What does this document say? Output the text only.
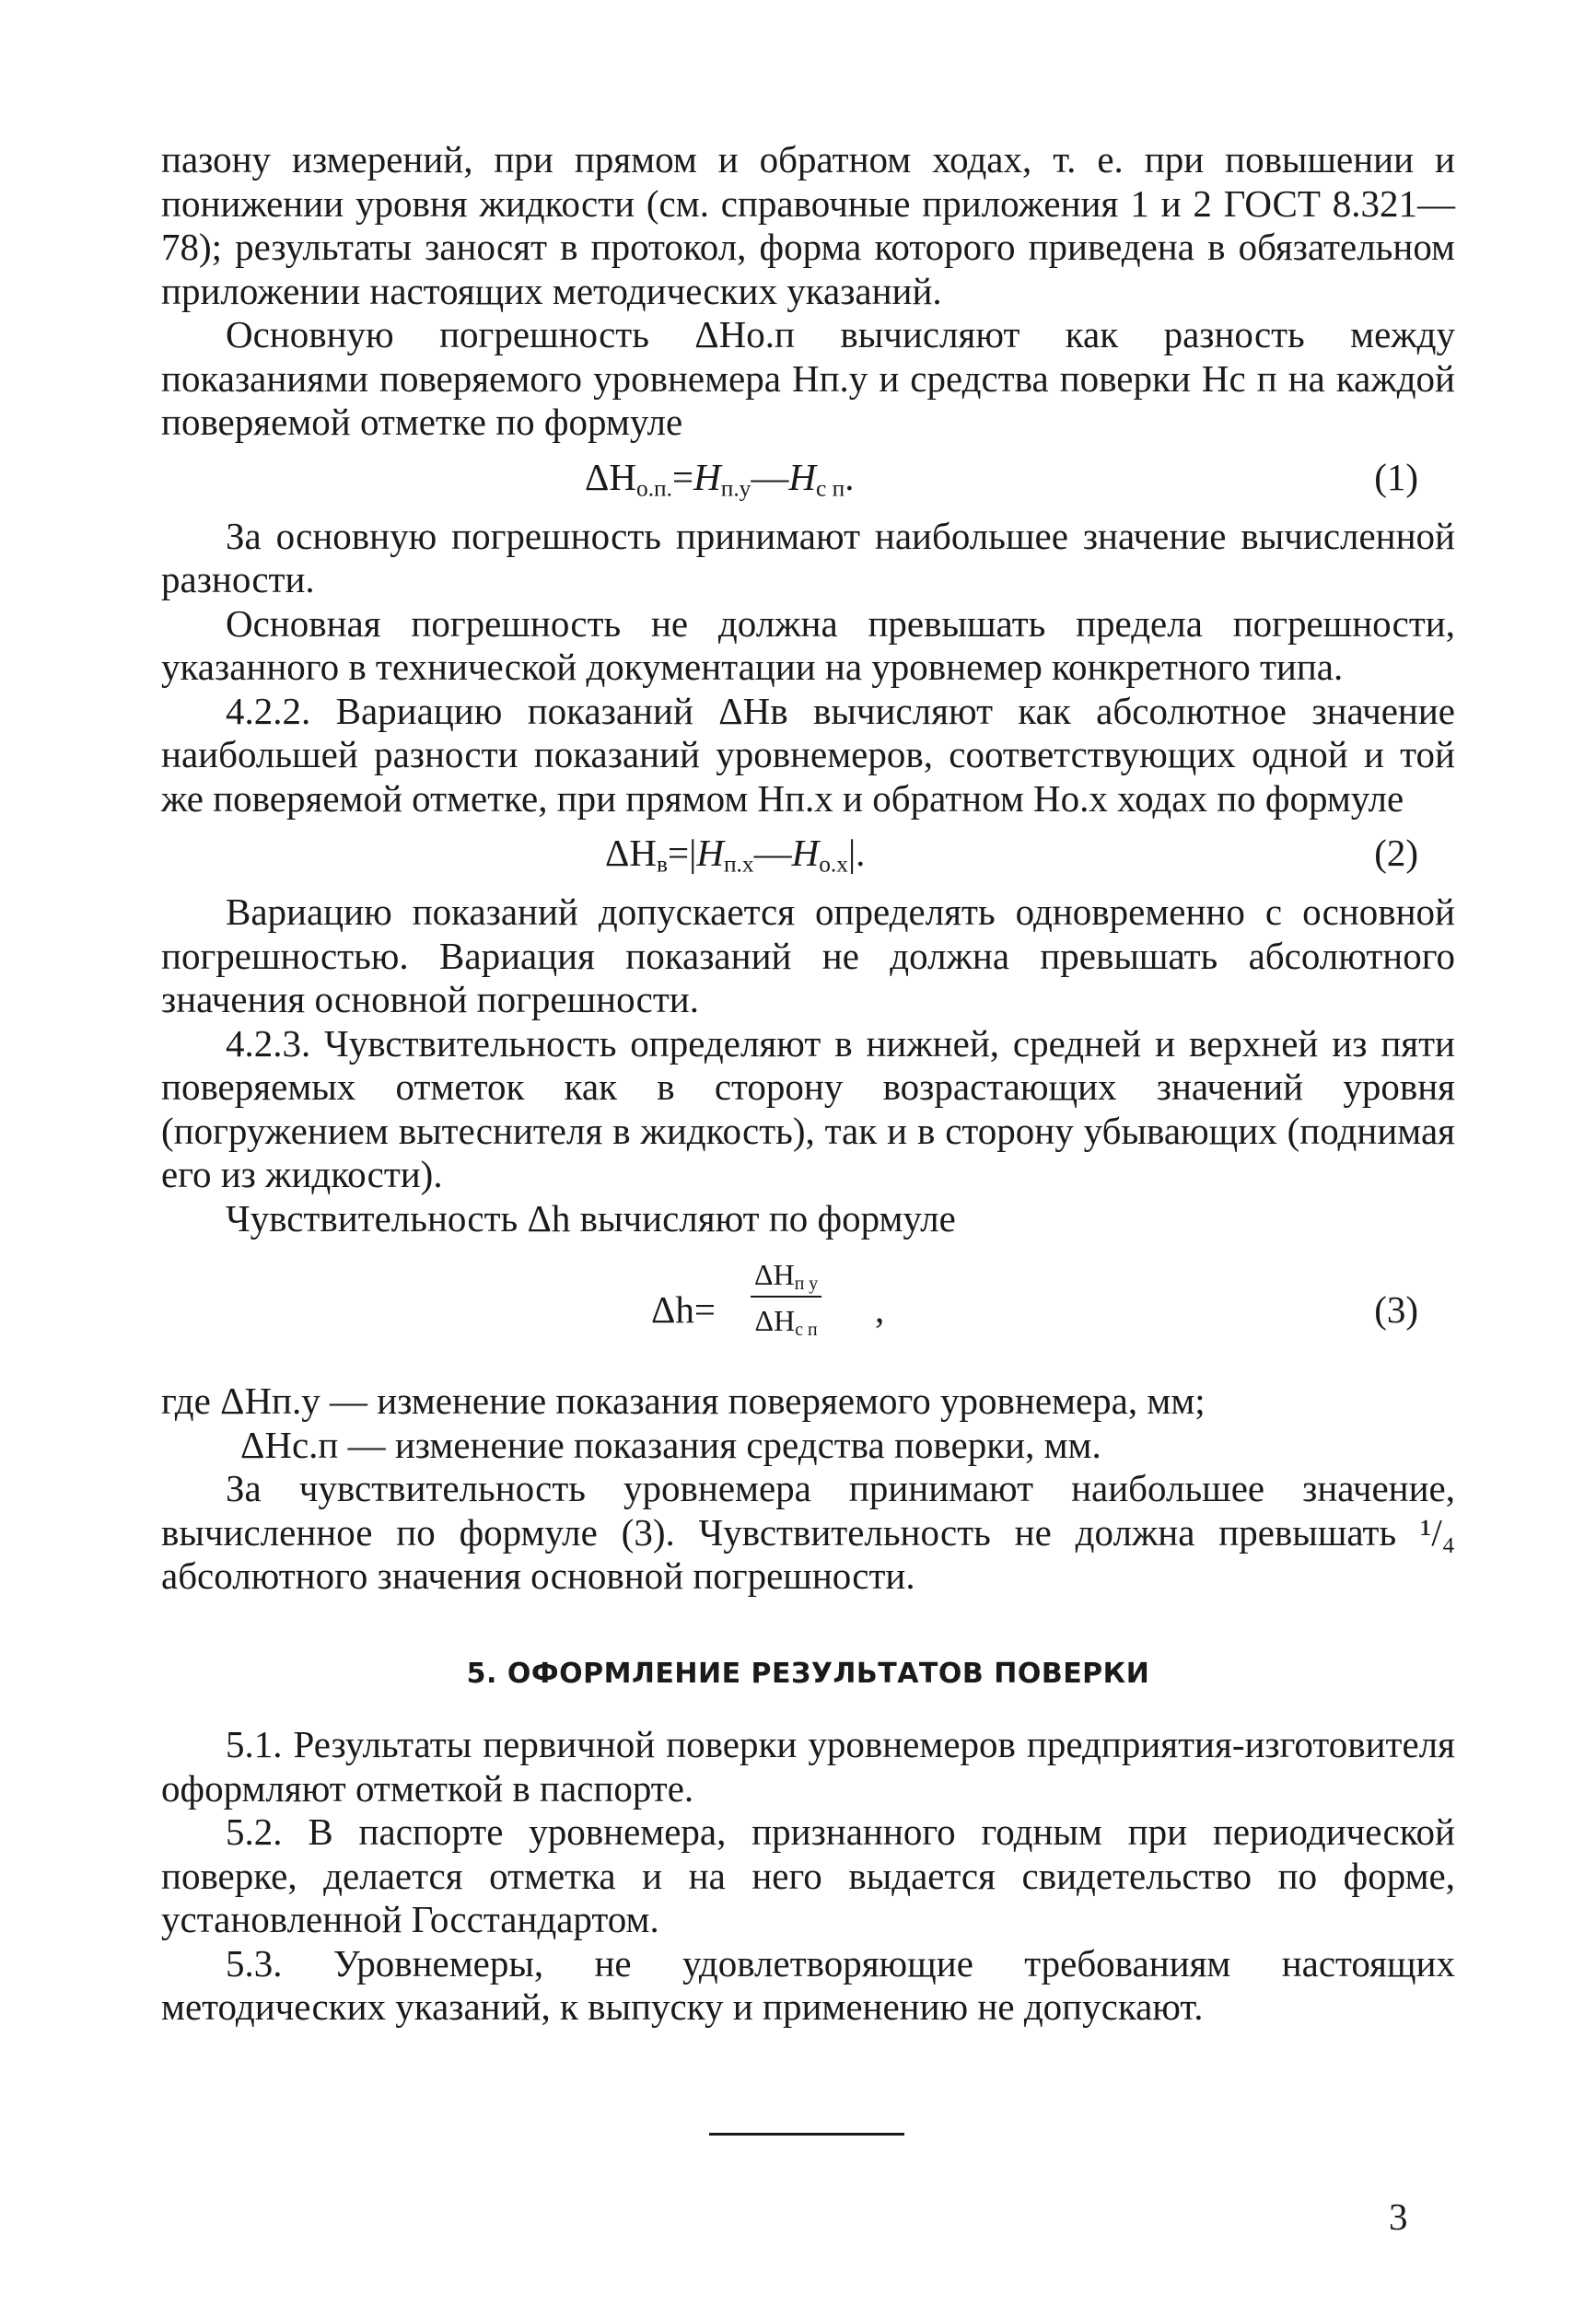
пазону измерений, при прямом и обратном ходах, т. е. при повышении и понижении уровня жидкости (см. справочные приложения 1 и 2 ГОСТ 8.321—78); результаты заносят в протокол, форма которого приведена в обязательном приложении настоящих методических указаний.

Основную погрешность ΔHо.п вычисляют как разность между показаниями поверяемого уровнемера Hп.у и средства поверки Hс п на каждой поверяемой отметке по формуле

$\Delta H_{о.п.}=H_{п.у}—H_{с п}$.	(1)

За основную погрешность принимают наибольшее значение вычисленной разности.

Основная погрешность не должна превышать предела погрешности, указанного в технической документации на уровнемер конкретного типа.

4.2.2. Вариацию показаний ΔHв вычисляют как абсолютное значение наибольшей разности показаний уровнемеров, соответствующих одной и той же поверяемой отметке, при прямом Hп.х и обратном Hо.х ходах по формуле

$\Delta H_в=|H_{п.х}—H_{о.х}|$.	(2)

Вариацию показаний допускается определять одновременно с основной погрешностью. Вариация показаний не должна превышать абсолютного значения основной погрешности.

4.2.3. Чувствительность определяют в нижней, средней и верхней из пяти поверяемых отметок как в сторону возрастающих значений уровня (погружением вытеснителя в жидкость), так и в сторону убывающих (поднимая его из жидкости).

Чувствительность Δh вычисляют по формуле

Δh=
$\Delta H_{п у}$
$\Delta H_{с п}$ ,	(3)
где ΔHп.у — изменение показания поверяемого уровнемера, мм;
ΔHс.п — изменение показания средства поверки, мм.

За чувствительность уровнемера принимают наибольшее значение, вычисленное по формуле (3). Чувствительность не должна превышать ¹/₄ абсолютного значения основной погрешности.

5. ОФОРМЛЕНИЕ РЕЗУЛЬТАТОВ ПОВЕРКИ

5.1. Результаты первичной поверки уровнемеров предприятия-изготовителя оформляют отметкой в паспорте.

5.2. В паспорте уровнемера, признанного годным при периодической поверке, делается отметка и на него выдается свидетельство по форме, установленной Госстандартом.

5.3. Уровнемеры, не удовлетворяющие требованиям настоящих методических указаний, к выпуску и применению не допускают.

3
